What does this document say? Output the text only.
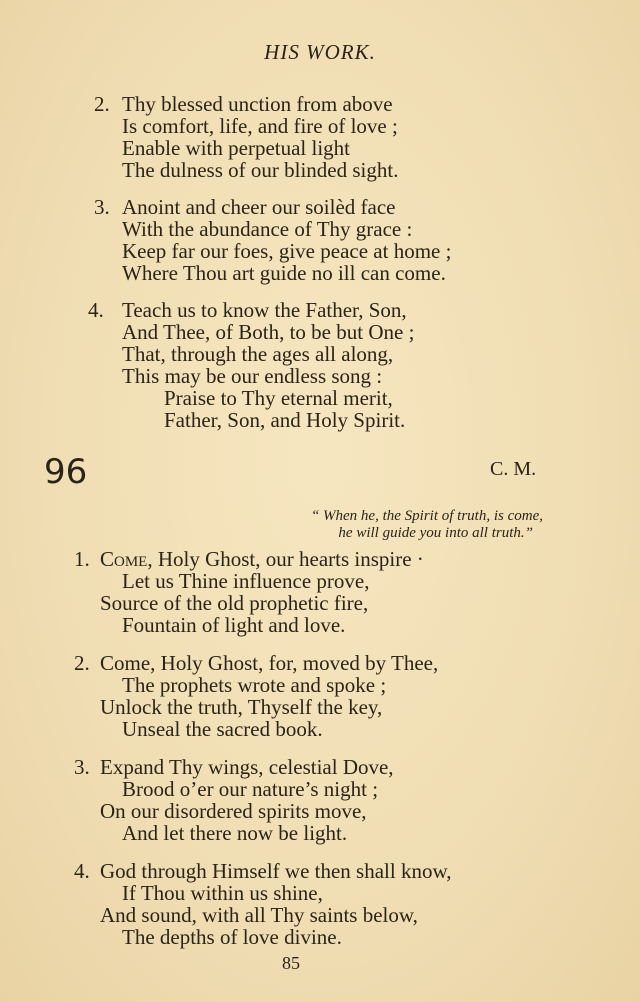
HIS WORK.
2. Thy blessed unction from above
Is comfort, life, and fire of love ;
Enable with perpetual light
The dulness of our blinded sight.
3. Anoint and cheer our soilèd face
With the abundance of Thy grace :
Keep far our foes, give peace at home ;
Where Thou art guide no ill can come.
4. Teach us to know the Father, Son,
And Thee, of Both, to be but One ;
That, through the ages all along,
This may be our endless song :
Praise to Thy eternal merit,
Father, Son, and Holy Spirit.
96	C. M.
“ When he, the Spirit of truth, is come,
he will guide you into all truth.”
1. Come, Holy Ghost, our hearts inspire ·
Let us Thine influence prove,
Source of the old prophetic fire,
Fountain of light and love.
2. Come, Holy Ghost, for, moved by Thee,
The prophets wrote and spoke ;
Unlock the truth, Thyself the key,
Unseal the sacred book.
3. Expand Thy wings, celestial Dove,
Brood o’er our nature’s night ;
On our disordered spirits move,
And let there now be light.
4. God through Himself we then shall know,
If Thou within us shine,
And sound, with all Thy saints below,
The depths of love divine.
85
